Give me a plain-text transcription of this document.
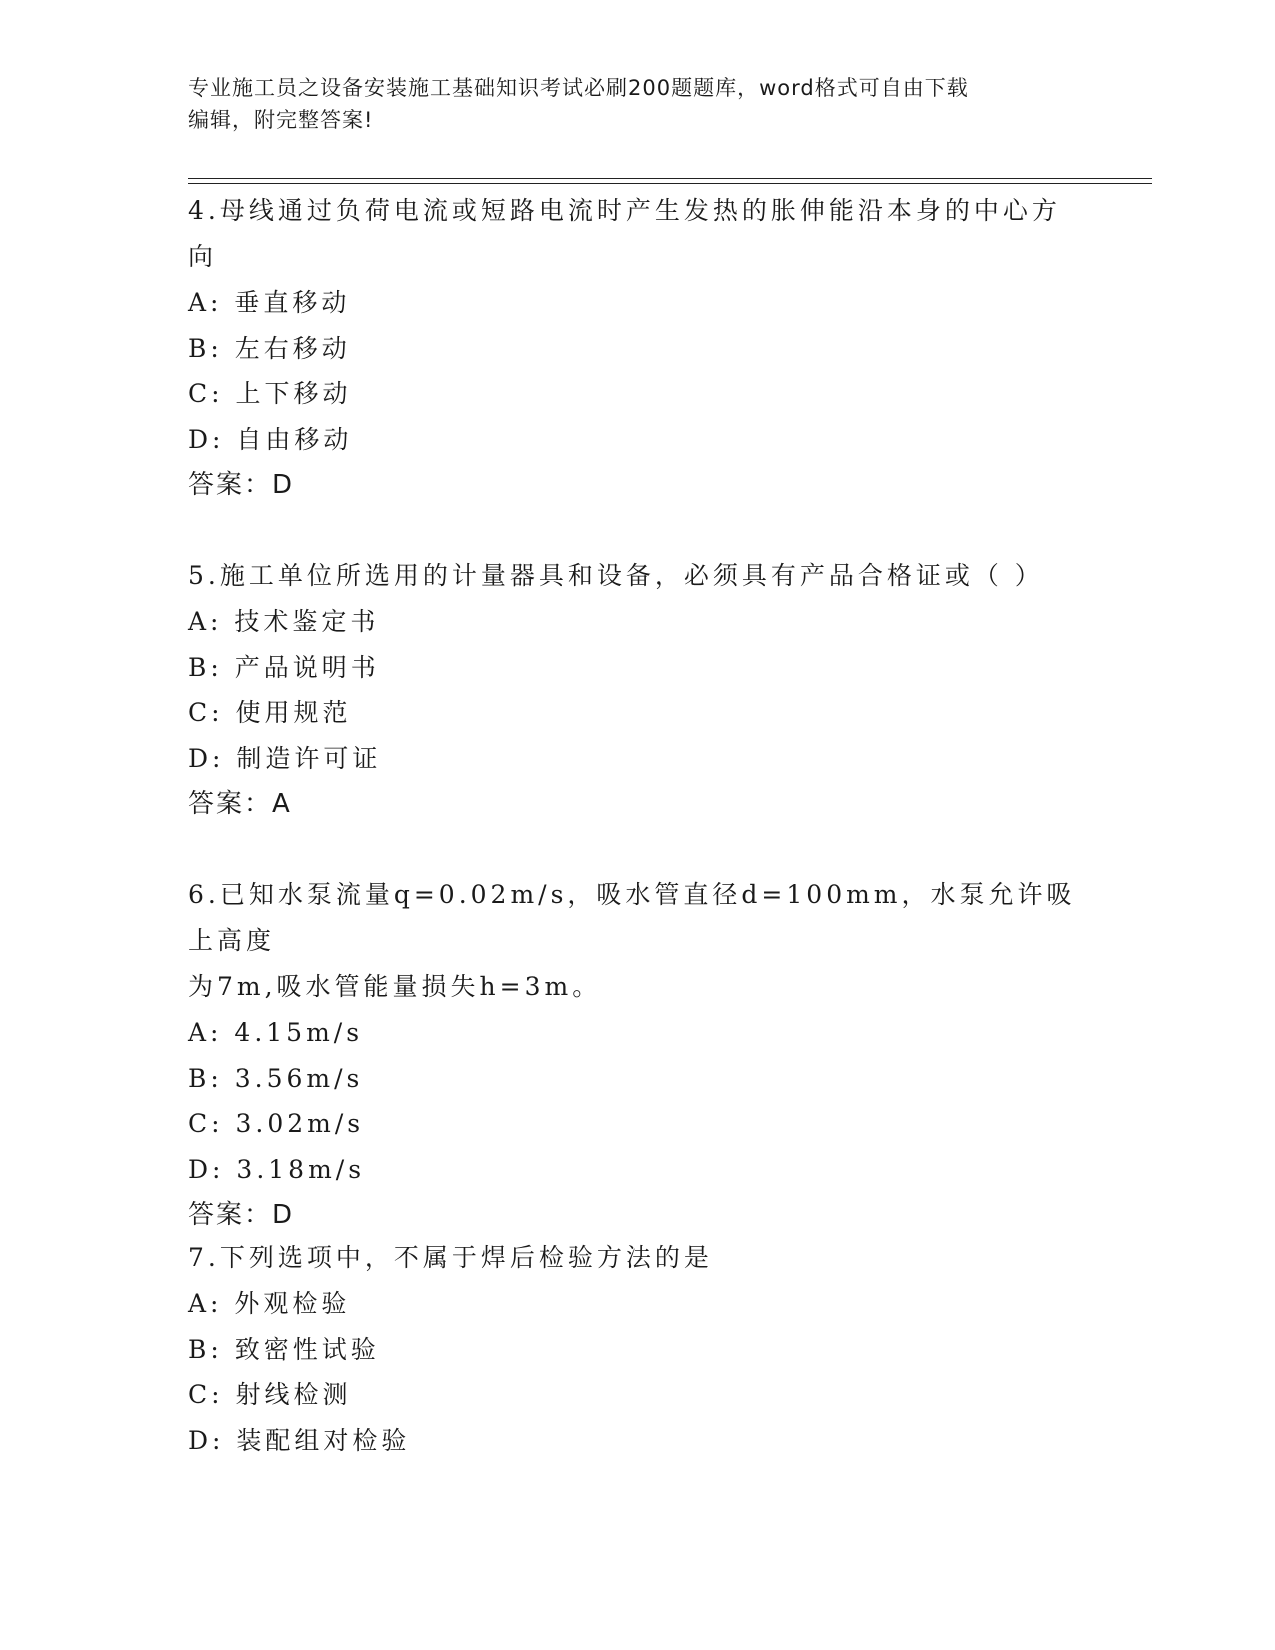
专业施工员之设备安装施工基础知识考试必刷200题题库，word格式可自由下载
编辑，附完整答案!

4.母线通过负荷电流或短路电流时产生发热的胀伸能沿本身的中心方

向

A: 垂直移动

B: 左右移动

C: 上下移动

D: 自由移动

答案：D

5.施工单位所选用的计量器具和设备，必须具有产品合格证或（ ）

A: 技术鉴定书

B: 产品说明书

C: 使用规范

D: 制造许可证

答案：A

6.已知水泵流量q=0.02m/s，吸水管直径d=100mm，水泵允许吸上高度

为7m,吸水管能量损失h=3m。

A: 4.15m/s

B: 3.56m/s

C: 3.02m/s

D: 3.18m/s

答案：D

7.下列选项中，不属于焊后检验方法的是

A: 外观检验

B: 致密性试验

C: 射线检测

D: 装配组对检验
